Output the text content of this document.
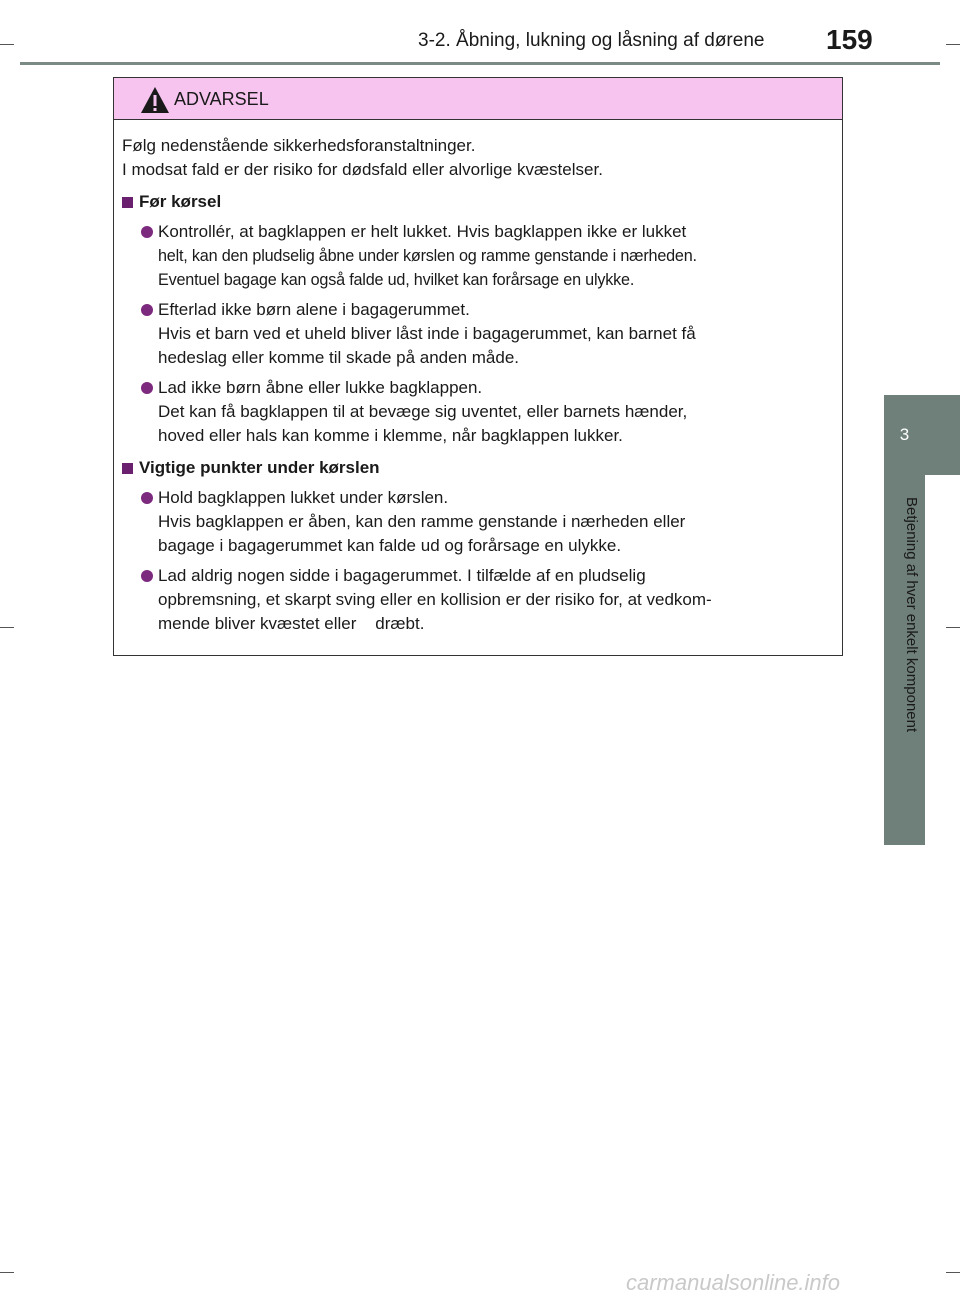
3-2. Åbning, lukning og låsning af dørene 159
3
Betjening af hver enkelt komponent
ADVARSEL
Følg nedenstående sikkerhedsforanstaltninger.
I modsat fald er der risiko for dødsfald eller alvorlige kvæstelser.
Før kørsel
Kontrollér, at bagklappen er helt lukket. Hvis bagklappen ikke er lukket
helt, kan den pludselig åbne under kørslen og ramme genstande i nærheden.
Eventuel bagage kan også falde ud, hvilket kan forårsage en ulykke.
Efterlad ikke børn alene i bagagerummet.
Hvis et barn ved et uheld bliver låst inde i bagagerummet, kan barnet få
hedeslag eller komme til skade på anden måde.
Lad ikke børn åbne eller lukke bagklappen.
Det kan få bagklappen til at bevæge sig uventet, eller barnets hænder,
hoved eller hals kan komme i klemme, når bagklappen lukker.
Vigtige punkter under kørslen
Hold bagklappen lukket under kørslen.
Hvis bagklappen er åben, kan den ramme genstande i nærheden eller
bagage i bagagerummet kan falde ud og forårsage en ulykke.
Lad aldrig nogen sidde i bagagerummet. I tilfælde af en pludselig
opbremsning, et skarpt sving eller en kollision er der risiko for, at vedkom-
mende bliver kvæstet eller    dræbt.
carmanualsonline.info
